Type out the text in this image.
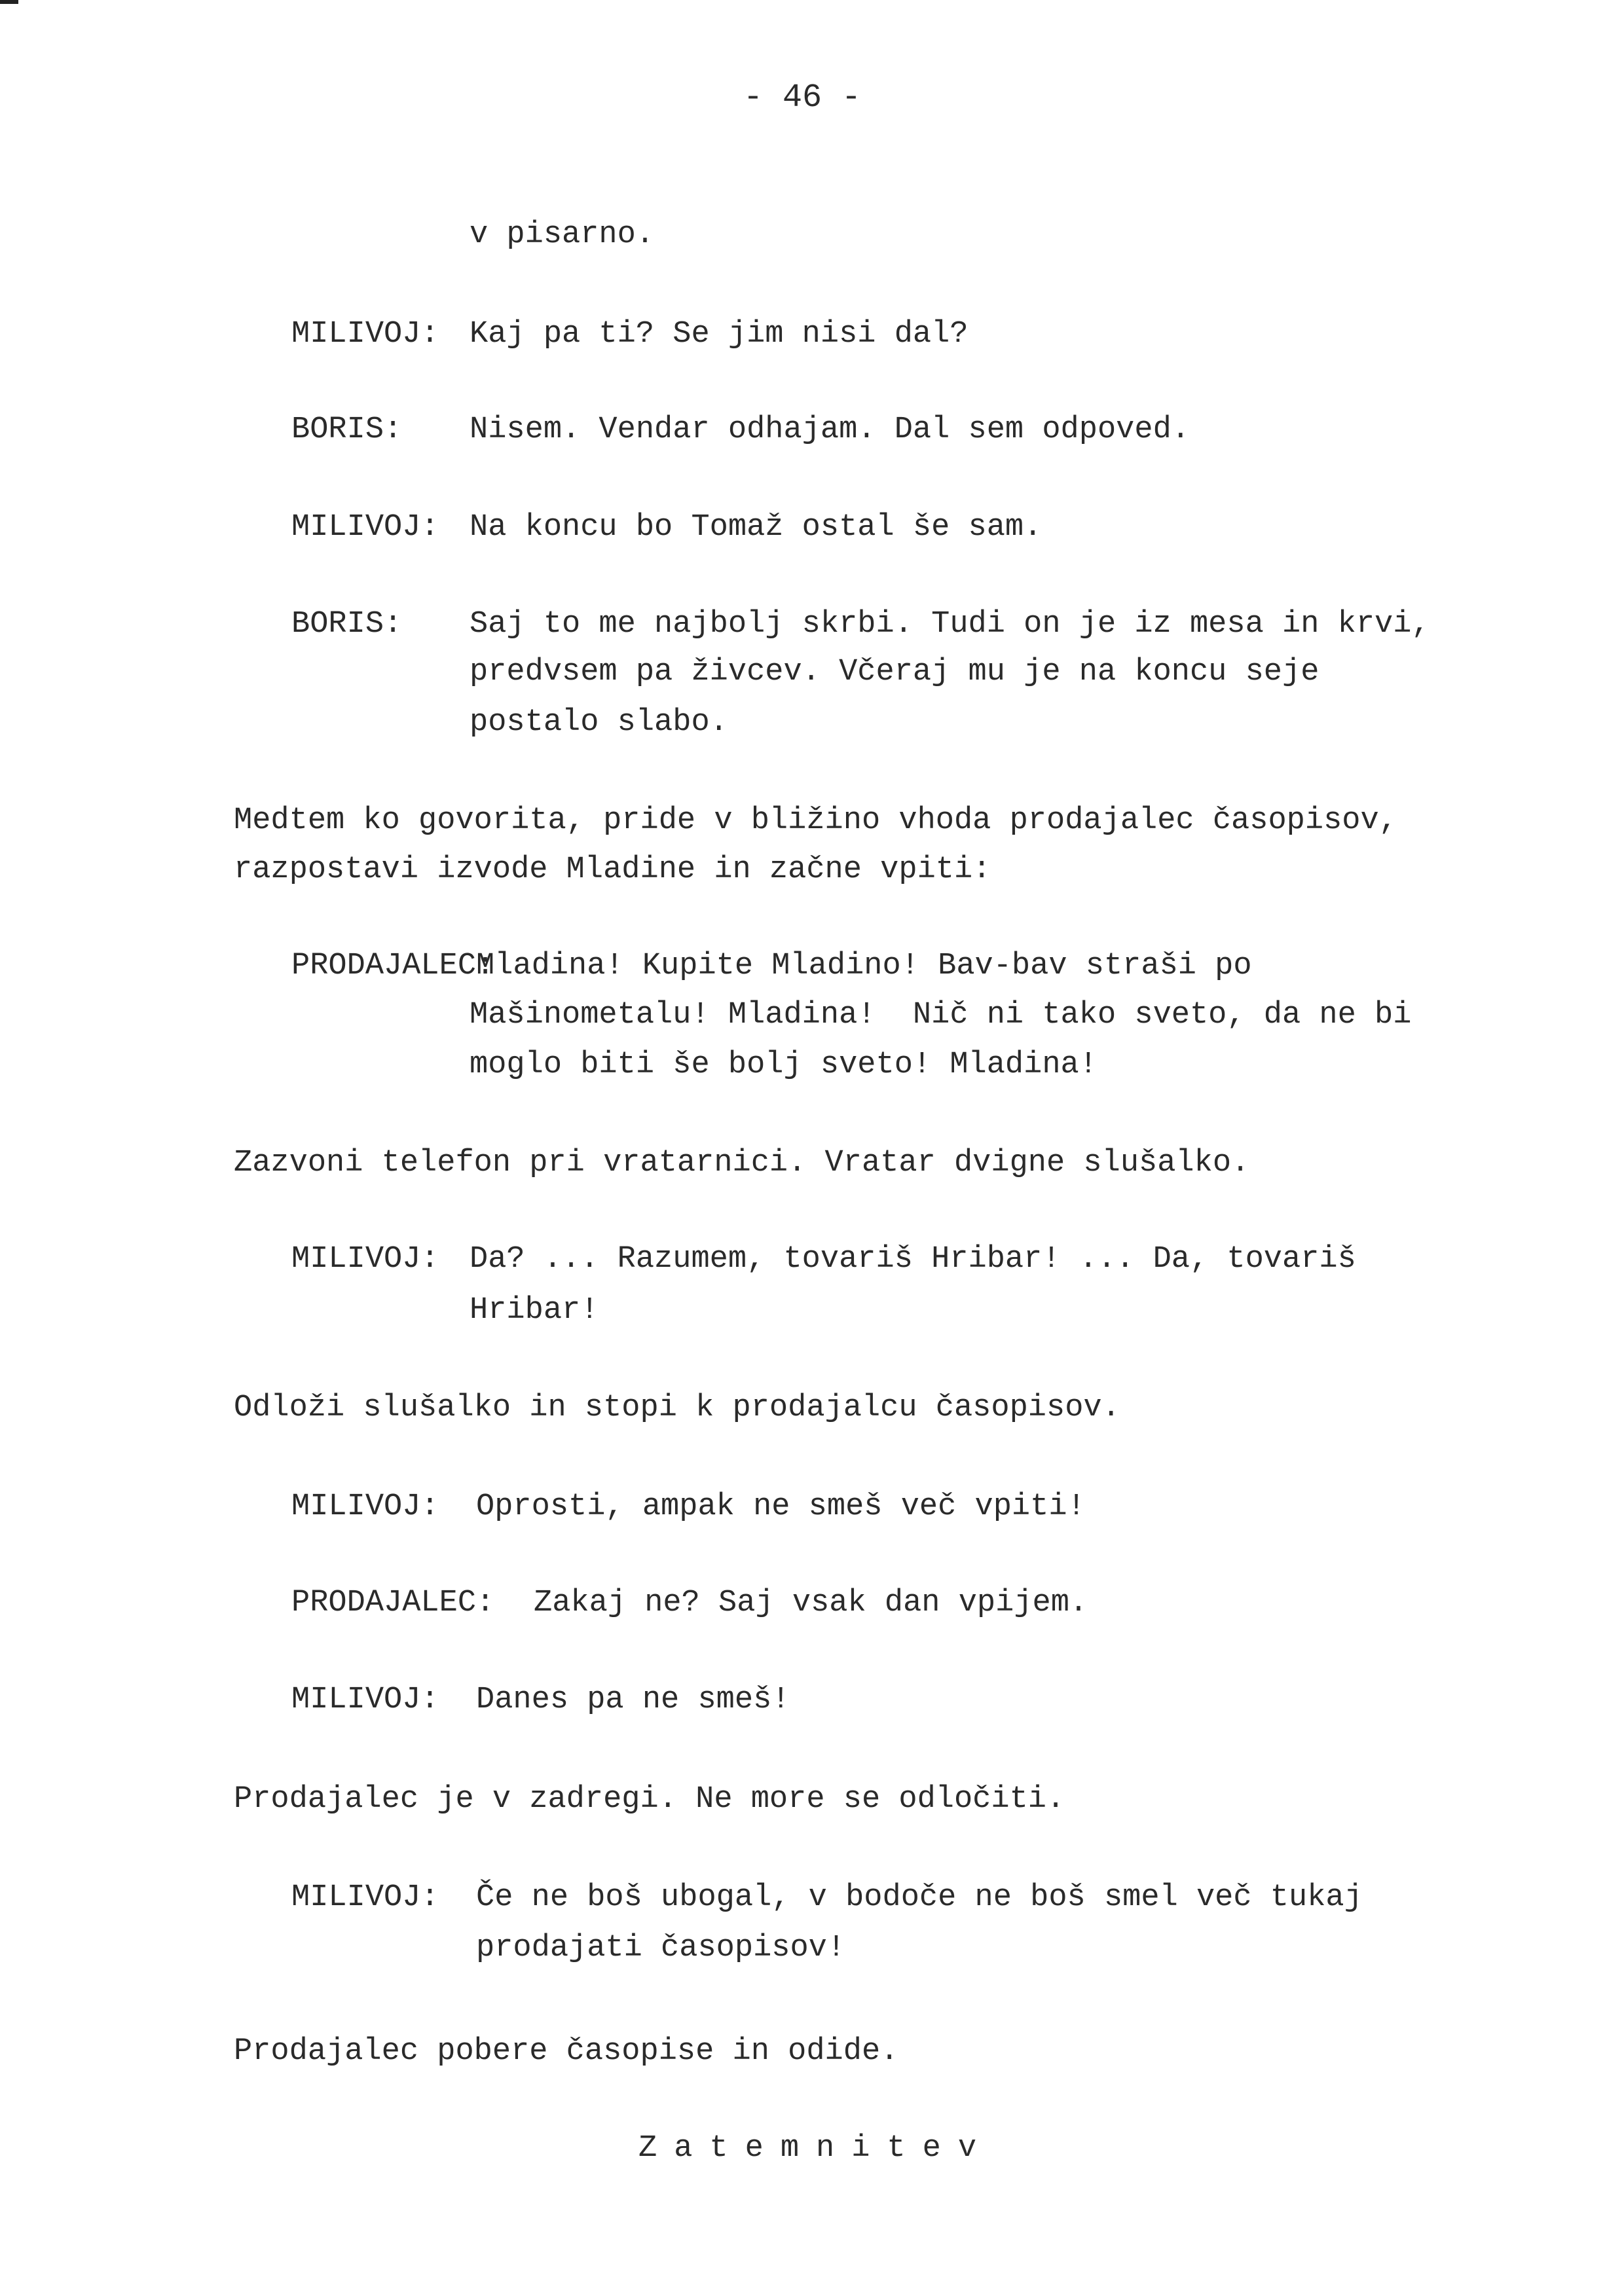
- 46 -
v pisarno.
MILIVOJ: Kaj pa ti? Se jim nisi dal?
BORIS: Nisem. Vendar odhajam. Dal sem odpoved.
MILIVOJ: Na koncu bo Tomaž ostal še sam.
BORIS: Saj to me najbolj skrbi. Tudi on je iz mesa in krvi,
predvsem pa živcev. Včeraj mu je na koncu seje
postalo slabo.
Medtem ko govorita, pride v bližino vhoda prodajalec časopisov,
razpostavi izvode Mladine in začne vpiti:
PRODAJALEC:
Mladina! Kupite Mladino! Bav-bav straši po
Mašinometalu! Mladina!  Nič ni tako sveto, da ne bi
moglo biti še bolj sveto! Mladina!
Zazvoni telefon pri vratarnici. Vratar dvigne slušalko.
MILIVOJ: Da? ... Razumem, tovariš Hribar! ... Da, tovariš
Hribar!
Odloži slušalko in stopi k prodajalcu časopisov.
MILIVOJ: Oprosti, ampak ne smeš več vpiti!
PRODAJALEC: Zakaj ne? Saj vsak dan vpijem.
MILIVOJ: Danes pa ne smeš!
Prodajalec je v zadregi. Ne more se odločiti.
MILIVOJ: Če ne boš ubogal, v bodoče ne boš smel več tukaj
prodajati časopisov!
Prodajalec pobere časopise in odide.
Zatemnitev
